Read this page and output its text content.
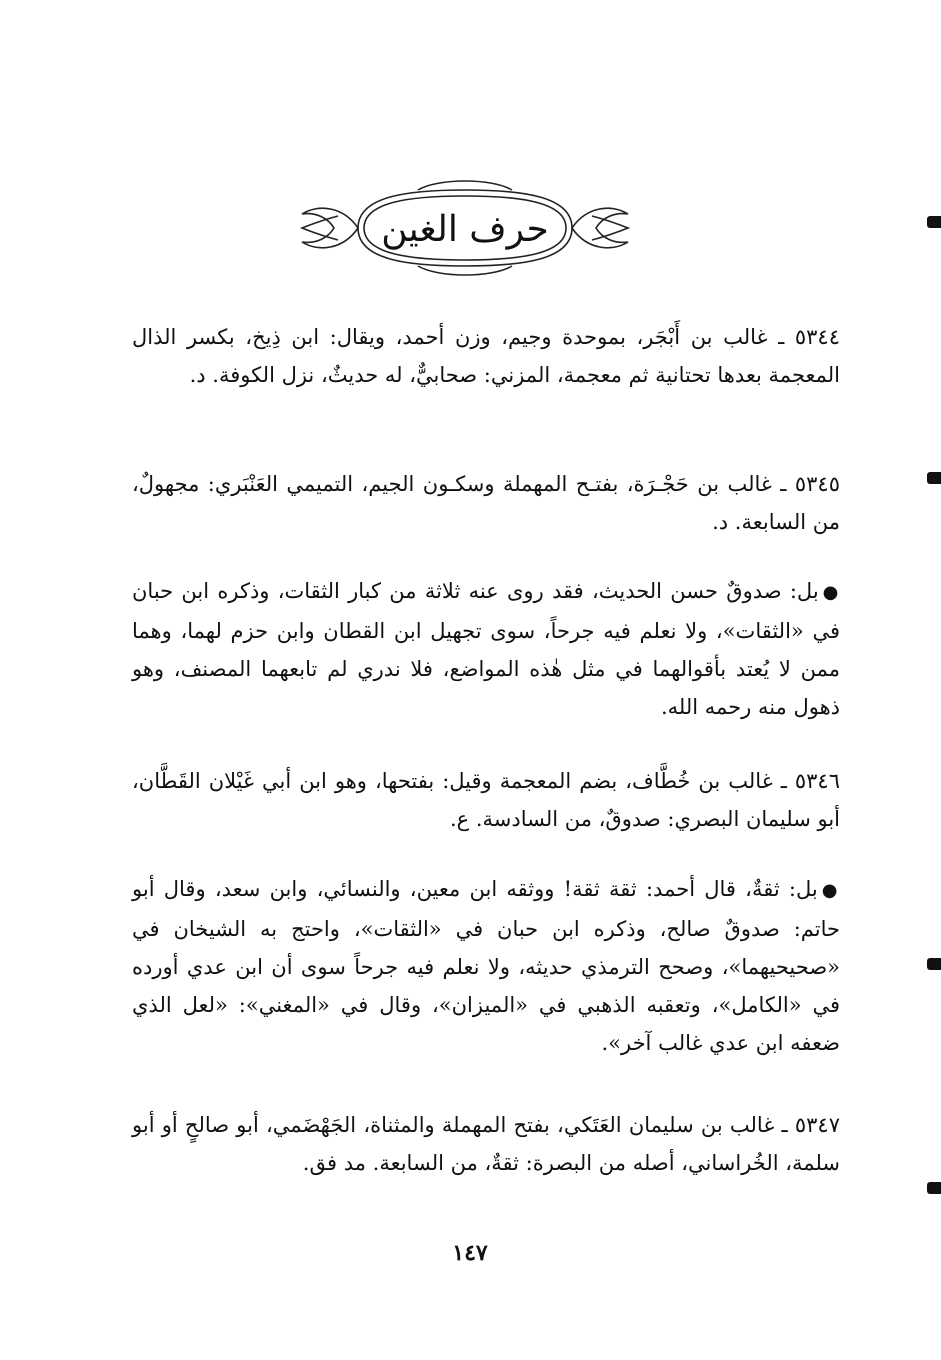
حرف الغين
٥٣٤٤ ـ غالب بن أَبْجَر، بموحدة وجيم، وزن أحمد، ويقال: ابن ذِيخ، بكسر الذال المعجمة بعدها تحتانية ثم معجمة، المزني: صحابيٌّ، له حديثٌ، نزل الكوفة. د.
٥٣٤٥ ـ غالب بن حَجْـرَة، بفتـح المهملة وسكـون الجيم، التميمي العَنْبَري: مجهولٌ، من السابعة. د.
● بل: صدوقٌ حسن الحديث، فقد روى عنه ثلاثة من كبار الثقات، وذكره ابن حبان في «الثقات»، ولا نعلم فيه جرحاً، سوى تجهيل ابن القطان وابن حزم لهما، وهما ممن لا يُعتد بأقوالهما في مثل هٰذه المواضع، فلا ندري لم تابعهما المصنف، وهو ذهول منه رحمه الله.
٥٣٤٦ ـ غالب بن خُطَّاف، بضم المعجمة وقيل: بفتحها، وهو ابن أبي غَيْلان القَطَّان، أبو سليمان البصري: صدوقٌ، من السادسة. ع.
● بل: ثقةٌ، قال أحمد: ثقة ثقة! ووثقه ابن معين، والنسائي، وابن سعد، وقال أبو حاتم: صدوقٌ صالح، وذكره ابن حبان في «الثقات»، واحتج به الشيخان في «صحيحيهما»، وصحح الترمذي حديثه، ولا نعلم فيه جرحاً سوى أن ابن عدي أورده في «الكامل»، وتعقبه الذهبي في «الميزان»، وقال في «المغني»: «لعل الذي ضعفه ابن عدي غالب آخر».
٥٣٤٧ ـ غالب بن سليمان العَتَكي، بفتح المهملة والمثناة، الجَهْضَمي، أبو صالحٍ أو أبو سلمة، الخُراساني، أصله من البصرة: ثقةٌ، من السابعة. مد فق.
١٤٧
